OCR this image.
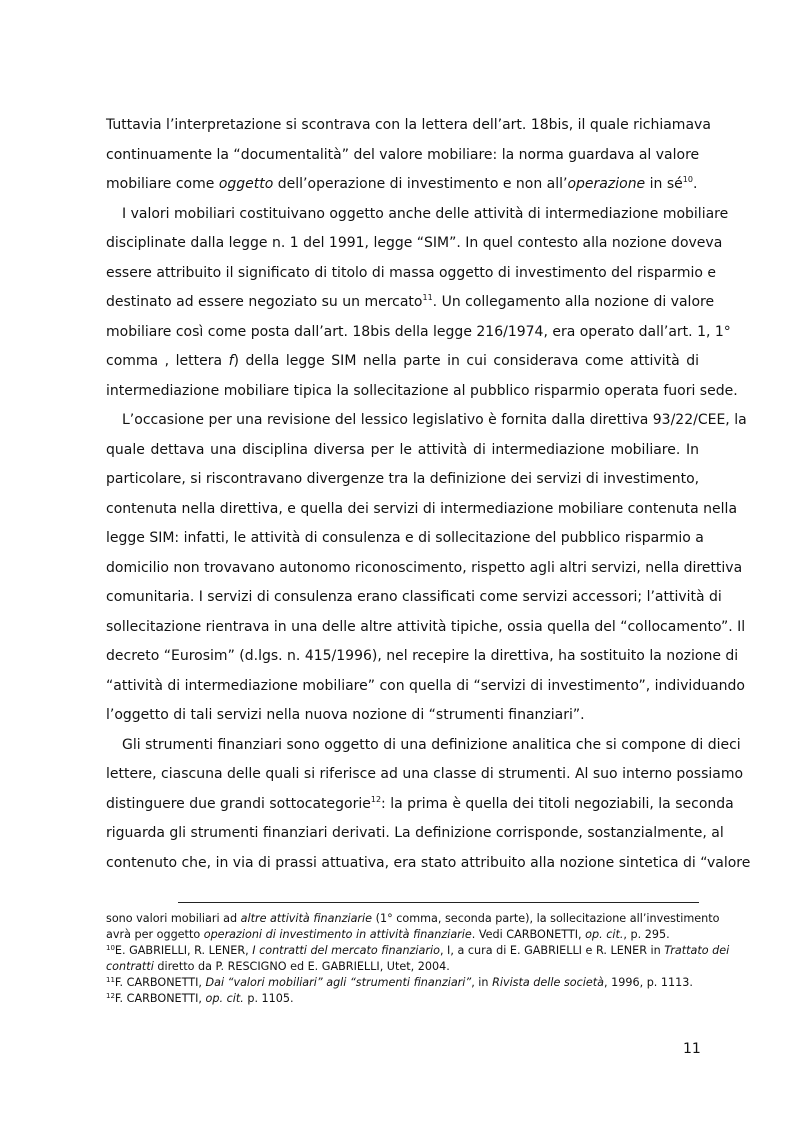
Tuttavia l’interpretazione si scontrava con la lettera dell’art. 18bis, il quale richiamava
continuamente la “documentalità” del valore mobiliare: la norma guardava al valore
mobiliare come oggetto dell’operazione di investimento e non all’operazione in $sé^{10}$.
I valori mobiliari costituivano oggetto anche delle attività di intermediazione mobiliare
disciplinate dalla legge n. 1 del 1991, legge “SIM”. In quel contesto alla nozione doveva
essere attribuito il significato di titolo di massa oggetto di investimento del risparmio e
destinato ad essere negoziato su un mercato$^{11}$. Un collegamento alla nozione di valore
mobiliare così come posta dall’art. 18bis della legge 216/1974, era operato dall’art. 1, 1°
comma , lettera f) della legge SIM nella parte in cui considerava come attività di
intermediazione mobiliare tipica la sollecitazione al pubblico risparmio operata fuori sede.
L’occasione per una revisione del lessico legislativo è fornita dalla direttiva 93/22/CEE, la
quale dettava una disciplina diversa per le attività di intermediazione mobiliare. In
particolare, si riscontravano divergenze tra la definizione dei servizi di investimento,
contenuta nella direttiva, e quella dei servizi di intermediazione mobiliare contenuta nella
legge SIM: infatti, le attività di consulenza e di sollecitazione del pubblico risparmio a
domicilio non trovavano autonomo riconoscimento, rispetto agli altri servizi, nella direttiva
comunitaria. I servizi di consulenza erano classificati come servizi accessori; l’attività di
sollecitazione rientrava in una delle altre attività tipiche, ossia quella del “collocamento”. Il
decreto “Eurosim” (d.lgs. n. 415/1996), nel recepire la direttiva, ha sostituito la nozione di
“attività di intermediazione mobiliare” con quella di “servizi di investimento”, individuando
l’oggetto di tali servizi nella nuova nozione di “strumenti finanziari”.
Gli strumenti finanziari sono oggetto di una definizione analitica che si compone di dieci
lettere, ciascuna delle quali si riferisce ad una classe di strumenti. Al suo interno possiamo
distinguere due grandi sottocategorie$^{12}$: la prima è quella dei titoli negoziabili, la seconda
riguarda gli strumenti finanziari derivati. La definizione corrisponde, sostanzialmente, al
contenuto che, in via di prassi attuativa, era stato attribuito alla nozione sintetica di “valore
sono valori mobiliari ad altre attività finanziarie (1° comma, seconda parte), la sollecitazione all’investimento
avrà per oggetto operazioni di investimento in attività finanziarie. Vedi CARBONETTI, op. cit., p. 295.
$^{10}$E. GABRIELLI, R. LENER, I contratti del mercato finanziario, I, a cura di E. GABRIELLI e R. LENER in Trattato dei
contratti diretto da P. RESCIGNO ed E. GABRIELLI, Utet, 2004.
$^{11}$F. CARBONETTI, Dai “valori mobiliari” agli “strumenti finanziari”, in Rivista delle società, 1996, p. 1113.
$^{12}$F. CARBONETTI, op. cit. p. 1105.
11
